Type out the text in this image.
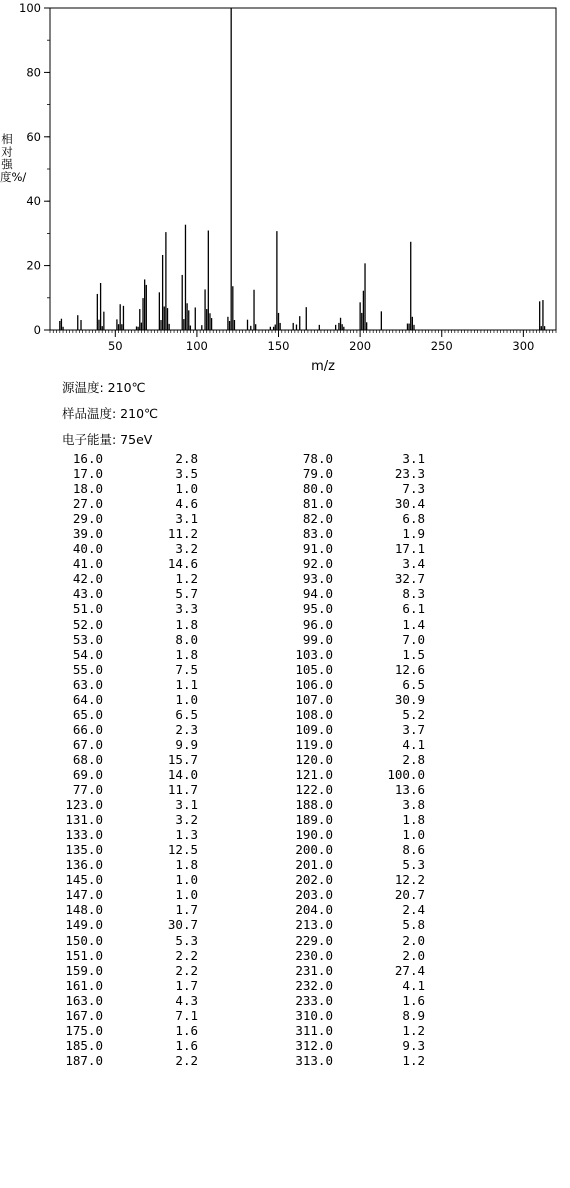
50	100	150	200	250	300
0
20
40
60
80
100
m/z
相对强度%/
源温度: 210℃
样品温度: 210℃
电子能量: 75eV
16.0	2.8	78.0	3.1
17.0	3.5	79.0	23.3
18.0	1.0	80.0	7.3
27.0	4.6	81.0	30.4
29.0	3.1	82.0	6.8
39.0	11.2	83.0	1.9
40.0	3.2	91.0	17.1
41.0	14.6	92.0	3.4
42.0	1.2	93.0	32.7
43.0	5.7	94.0	8.3
51.0	3.3	95.0	6.1
52.0	1.8	96.0	1.4
53.0	8.0	99.0	7.0
54.0	1.8	103.0	1.5
55.0	7.5	105.0	12.6
63.0	1.1	106.0	6.5
64.0	1.0	107.0	30.9
65.0	6.5	108.0	5.2
66.0	2.3	109.0	3.7
67.0	9.9	119.0	4.1
68.0	15.7	120.0	2.8
69.0	14.0	121.0	100.0
77.0	11.7	122.0	13.6
123.0	3.1	188.0	3.8
131.0	3.2	189.0	1.8
133.0	1.3	190.0	1.0
135.0	12.5	200.0	8.6
136.0	1.8	201.0	5.3
145.0	1.0	202.0	12.2
147.0	1.0	203.0	20.7
148.0	1.7	204.0	2.4
149.0	30.7	213.0	5.8
150.0	5.3	229.0	2.0
151.0	2.2	230.0	2.0
159.0	2.2	231.0	27.4
161.0	1.7	232.0	4.1
163.0	4.3	233.0	1.6
167.0	7.1	310.0	8.9
175.0	1.6	311.0	1.2
185.0	1.6	312.0	9.3
187.0	2.2	313.0	1.2
